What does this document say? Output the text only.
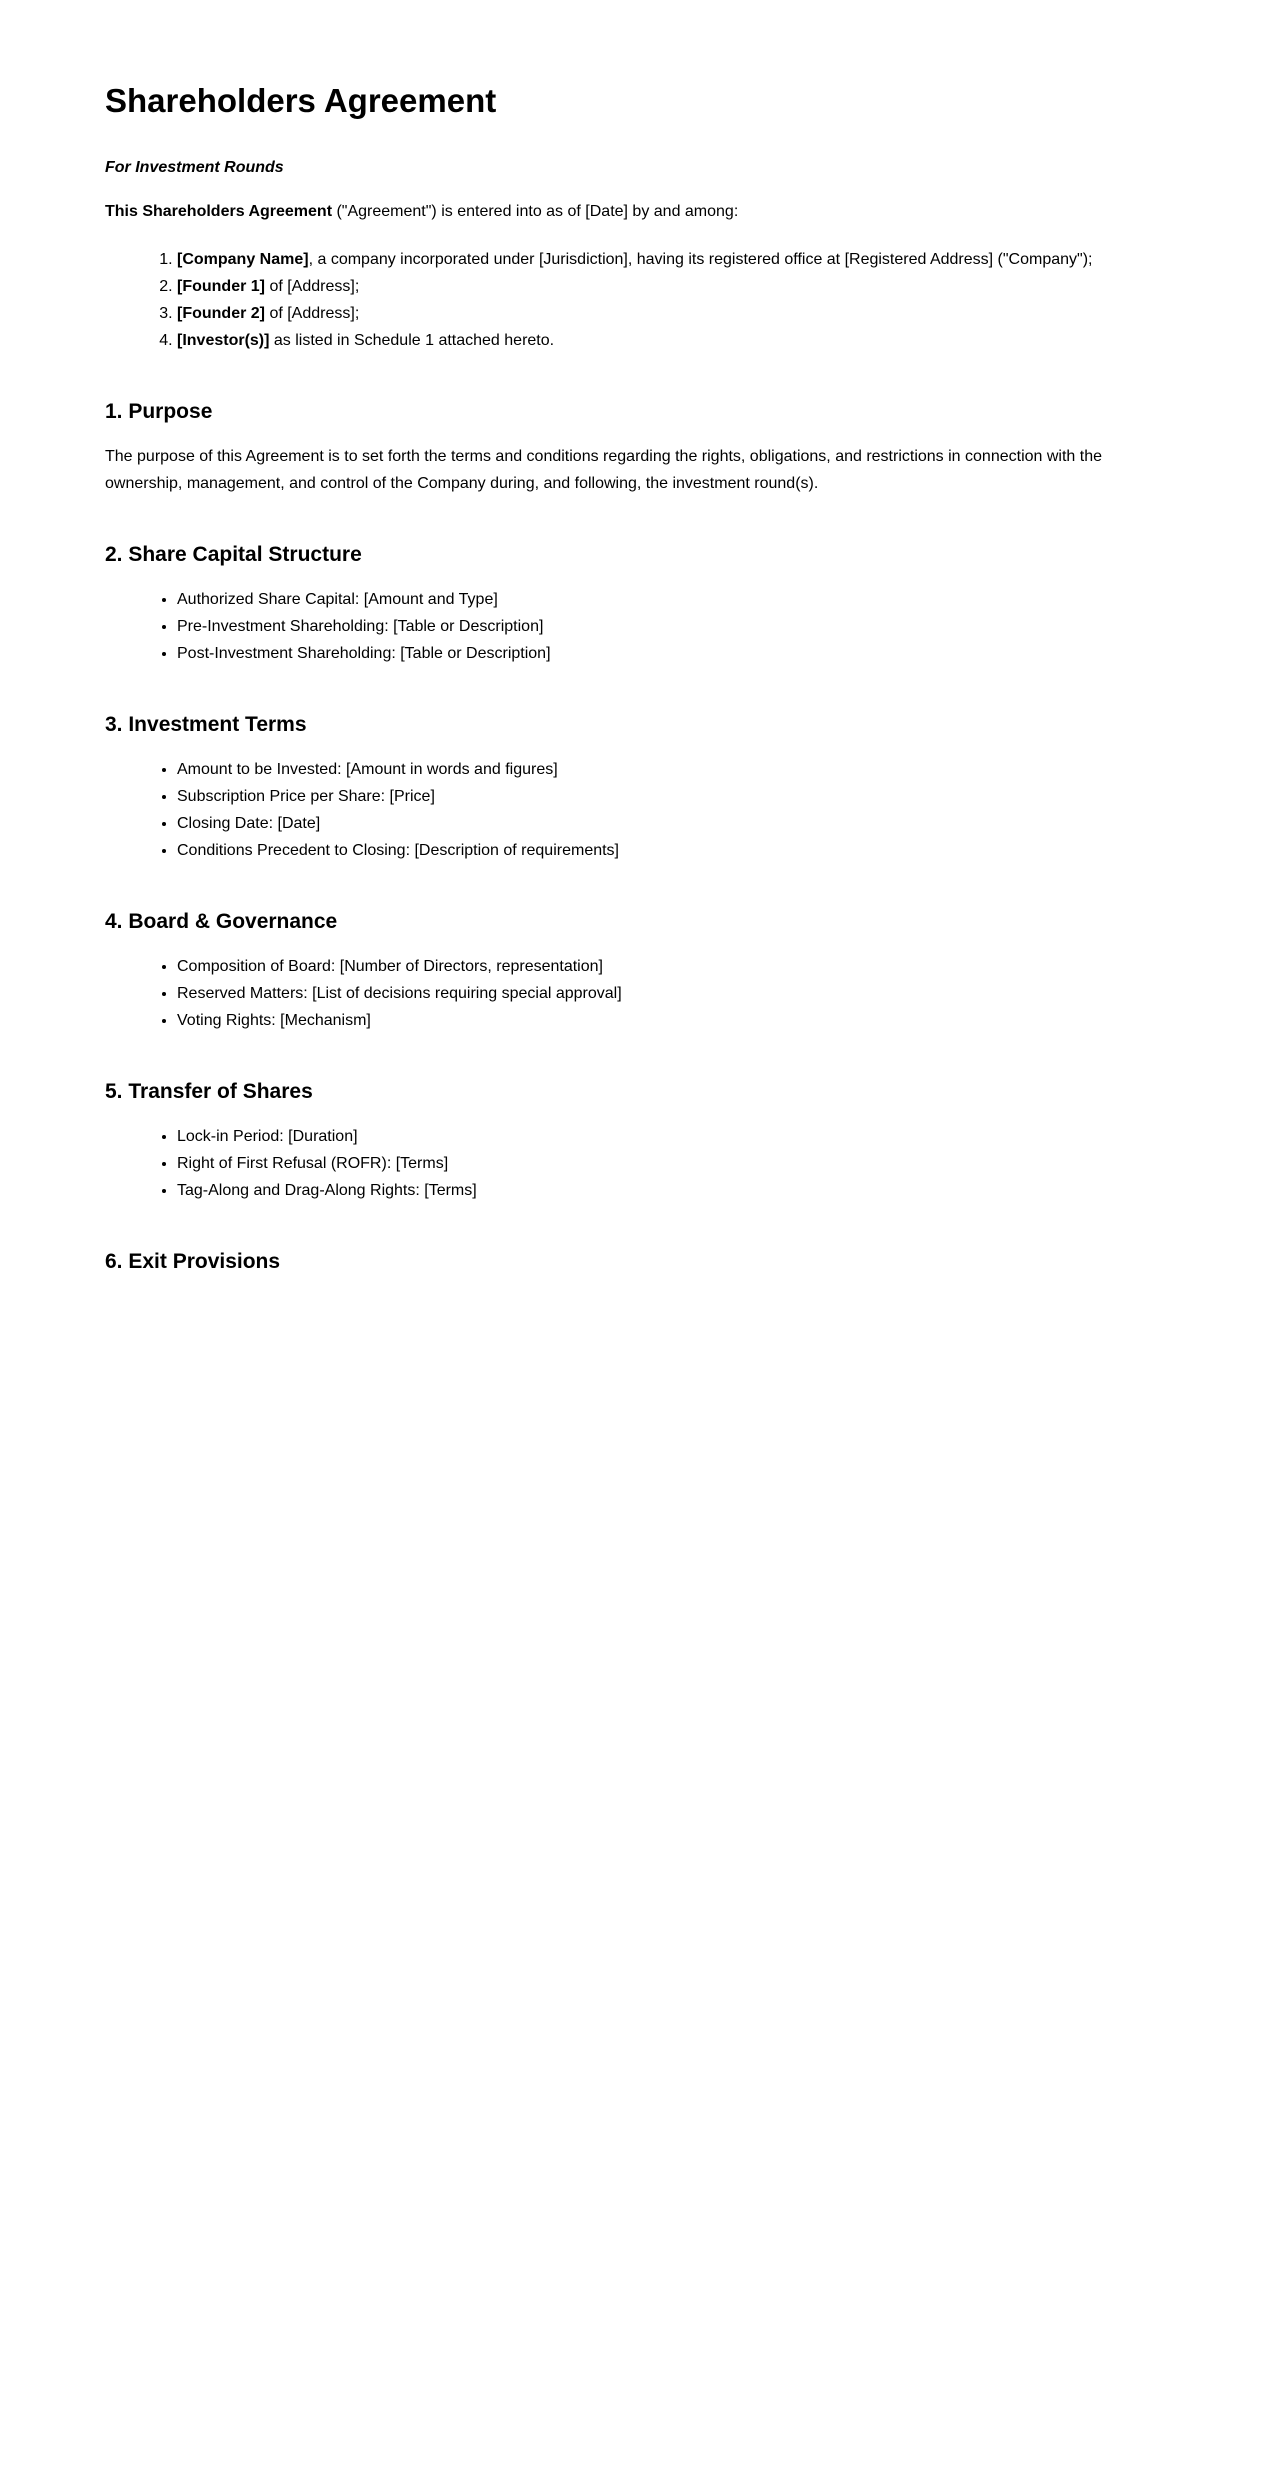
Shareholders Agreement

For Investment Rounds

This Shareholders Agreement ("Agreement") is entered into as of [Date] by and among:

1. [Company Name], a company incorporated under [Jurisdiction], having its registered office at [Registered Address] ("Company");
2. [Founder 1] of [Address];
3. [Founder 2] of [Address];
4. [Investor(s)] as listed in Schedule 1 attached hereto.
1. Purpose

The purpose of this Agreement is to set forth the terms and conditions regarding the rights, obligations, and restrictions in connection with the ownership, management, and control of the Company during, and following, the investment round(s).

2. Share Capital Structure
• Authorized Share Capital: [Amount and Type]
• Pre-Investment Shareholding: [Table or Description]
• Post-Investment Shareholding: [Table or Description]
3. Investment Terms
• Amount to be Invested: [Amount in words and figures]
• Subscription Price per Share: [Price]
• Closing Date: [Date]
• Conditions Precedent to Closing: [Description of requirements]
4. Board & Governance
• Composition of Board: [Number of Directors, representation]
• Reserved Matters: [List of decisions requiring special approval]
• Voting Rights: [Mechanism]
5. Transfer of Shares
• Lock-in Period: [Duration]
• Right of First Refusal (ROFR): [Terms]
• Tag-Along and Drag-Along Rights: [Terms]
6. Exit Provisions
